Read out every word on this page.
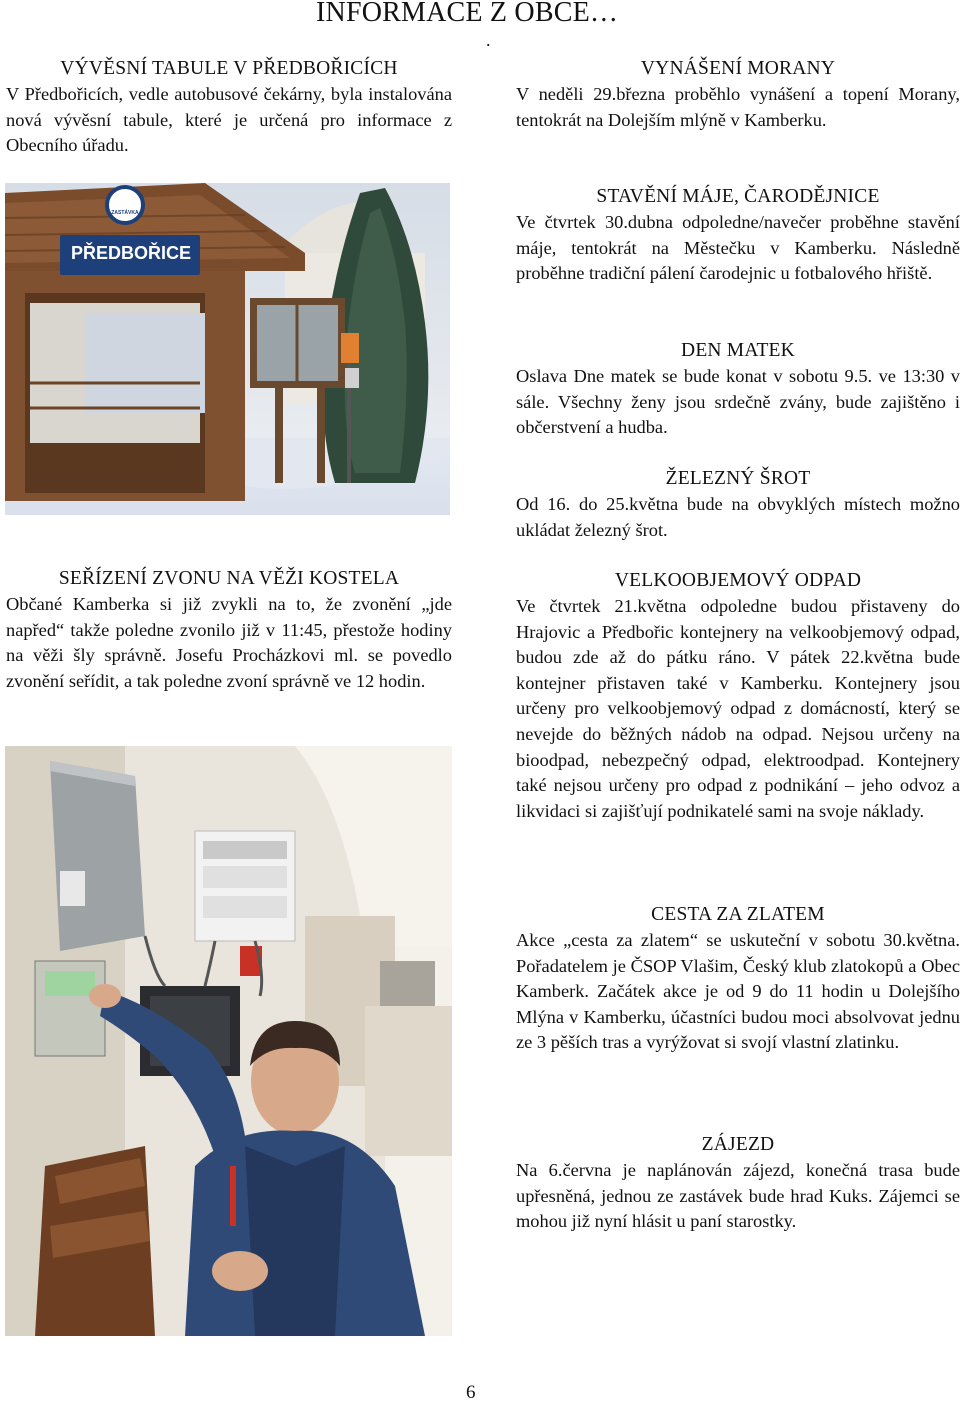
INFORMACE Z OBCE…
.
VÝVĚSNÍ TABULE V PŘEDBOŘICÍCH

V Předbořicích, vedle autobusové čekárny, byla instalována nová vývěsní tabule, které je určená pro informace z Obecního úřadu.

PŘEDBOŘICE
ZASTÁVKA
SEŘÍZENÍ ZVONU NA VĚŽI KOSTELA

Občané Kamberka si již zvykli na to, že zvonění „jde napřed“ takže poledne zvonilo již v 11:45, přestože hodiny na věži šly správně. Josefu Procházkovi ml. se povedlo zvonění seřídit, a tak poledne zvoní správně ve 12 hodin.

VYNÁŠENÍ MORANY

V neděli 29.března proběhlo vynášení a topení Morany, tentokrát na Dolejším mlýně v Kamberku.

STAVĚNÍ MÁJE, ČARODĚJNICE

Ve čtvrtek 30.dubna odpoledne/navečer proběhne stavění máje, tentokrát na Městečku v Kamberku. Následně proběhne tradiční pálení čarodejnic u fotbalového hřiště.

DEN MATEK

Oslava Dne matek se bude konat v sobotu 9.5. ve 13:30 v sále. Všechny ženy jsou srdečně zvány, bude zajištěno i občerstvení a hudba.

ŽELEZNÝ ŠROT

Od 16. do 25.května bude na obvyklých místech možno ukládat železný šrot.

VELKOOBJEMOVÝ ODPAD

Ve čtvrtek 21.května odpoledne budou přistaveny do Hrajovic a Předbořic kontejnery na velkoobjemový odpad, budou zde až do pátku ráno. V pátek 22.května bude kontejner přistaven také v Kamberku. Kontejnery jsou určeny pro velkoobjemový odpad z domácností, který se nevejde do běžných nádob na odpad. Nejsou určeny na bioodpad, nebezpečný odpad, elektroodpad. Kontejnery také nejsou určeny pro odpad z podnikání – jeho odvoz a likvidaci si zajišťují podnikatelé sami na svoje náklady.

CESTA ZA ZLATEM

Akce „cesta za zlatem“ se uskuteční v sobotu 30.května. Pořadatelem je ČSOP Vlašim, Český klub zlatokopů a Obec Kamberk. Začátek akce je od 9 do 11 hodin u Dolejšího Mlýna v Kamberku, účastníci budou moci absolvovat jednu ze 3 pěších tras a vyrýžovat si svojí vlastní zlatinku.

ZÁJEZD

Na 6.června je naplánován zájezd, konečná trasa bude upřesněná, jednou ze zastávek bude hrad Kuks. Zájemci se mohou již nyní hlásit u paní starostky.

6
